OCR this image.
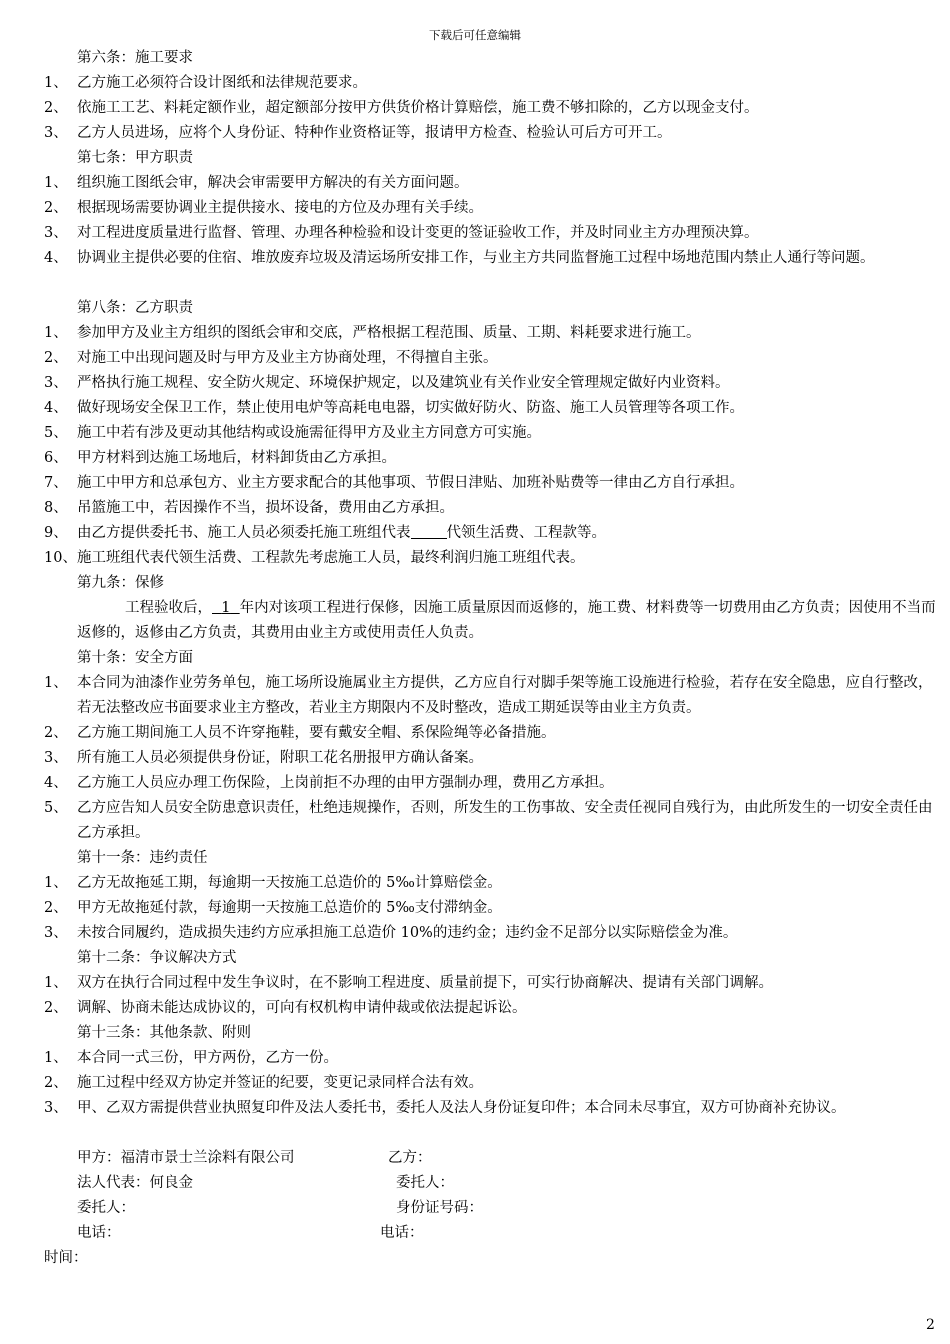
下载后可任意编辑
第六条：施工要求
1、 乙方施工必须符合设计图纸和法律规范要求。
2、 依施工工艺、料耗定额作业，超定额部分按甲方供货价格计算赔偿，施工费不够扣除的，乙方以现金支付。
3、 乙方人员进场，应将个人身份证、特种作业资格证等，报请甲方检查、检验认可后方可开工。
第七条：甲方职责
1、 组织施工图纸会审，解决会审需要甲方解决的有关方面问题。
2、 根据现场需要协调业主提供接水、接电的方位及办理有关手续。
3、 对工程进度质量进行监督、管理、办理各种检验和设计变更的签证验收工作，并及时同业主方办理预决算。
4、 协调业主提供必要的住宿、堆放废弃垃圾及清运场所安排工作，与业主方共同监督施工过程中场地范围内禁止人通行等问题。
第八条：乙方职责
1、 参加甲方及业主方组织的图纸会审和交底，严格根据工程范围、质量、工期、料耗要求进行施工。
2、 对施工中出现问题及时与甲方及业主方协商处理，不得擅自主张。
3、 严格执行施工规程、安全防火规定、环境保护规定，以及建筑业有关作业安全管理规定做好内业资料。
4、 做好现场安全保卫工作，禁止使用电炉等高耗电电器，切实做好防火、防盗、施工人员管理等各项工作。
5、 施工中若有涉及更动其他结构或设施需征得甲方及业主方同意方可实施。
6、 甲方材料到达施工场地后，材料卸货由乙方承担。
7、 施工中甲方和总承包方、业主方要求配合的其他事项、节假日津贴、加班补贴费等一律由乙方自行承担。
8、 吊篮施工中，若因操作不当，损坏设备，费用由乙方承担。
9、 由乙方提供委托书、施工人员必须委托施工班组代表 代领生活费、工程款等。
10、 施工班组代表代领生活费、工程款先考虑施工人员，最终利润归施工班组代表。
第九条：保修
工程验收后， 1 年内对该项工程进行保修，因施工质量原因而返修的，施工费、材料费等一切费用由乙方负责；因使用不当而返修的，返修由乙方负责，其费用由业主方或使用责任人负责。
第十条：安全方面
1、 本合同为油漆作业劳务单包，施工场所设施属业主方提供，乙方应自行对脚手架等施工设施进行检验，若存在安全隐患，应自行整改，若无法整改应书面要求业主方整改，若业主方期限内不及时整改，造成工期延误等由业主方负责。
2、 乙方施工期间施工人员不许穿拖鞋，要有戴安全帽、系保险绳等必备措施。
3、 所有施工人员必须提供身份证，附职工花名册报甲方确认备案。
4、 乙方施工人员应办理工伤保险，上岗前拒不办理的由甲方强制办理，费用乙方承担。
5、 乙方应告知人员安全防患意识责任，杜绝违规操作，否则，所发生的工伤事故、安全责任视同自残行为，由此所发生的一切安全责任由乙方承担。
第十一条：违约责任
1、 乙方无故拖延工期，每逾期一天按施工总造价的 5‰计算赔偿金。
2、 甲方无故拖延付款，每逾期一天按施工总造价的 5‰支付滞纳金。
3、 未按合同履约，造成损失违约方应承担施工总造价 10%的违约金；违约金不足部分以实际赔偿金为准。
第十二条：争议解决方式
1、 双方在执行合同过程中发生争议时，在不影响工程进度、质量前提下，可实行协商解决、提请有关部门调解。
2、 调解、协商未能达成协议的，可向有权机构申请仲裁或依法提起诉讼。
第十三条：其他条款、附则
1、 本合同一式三份，甲方两份，乙方一份。
2、 施工过程中经双方协定并签证的纪要，变更记录同样合法有效。
3、 甲、乙双方需提供营业执照复印件及法人委托书，委托人及法人身份证复印件；本合同未尽事宜，双方可协商补充协议。
甲方：福清市景士兰涂料有限公司	乙方：
法人代表：何良金	委托人：
委托人：	身份证号码：
电话：	电话：
时间：
2
